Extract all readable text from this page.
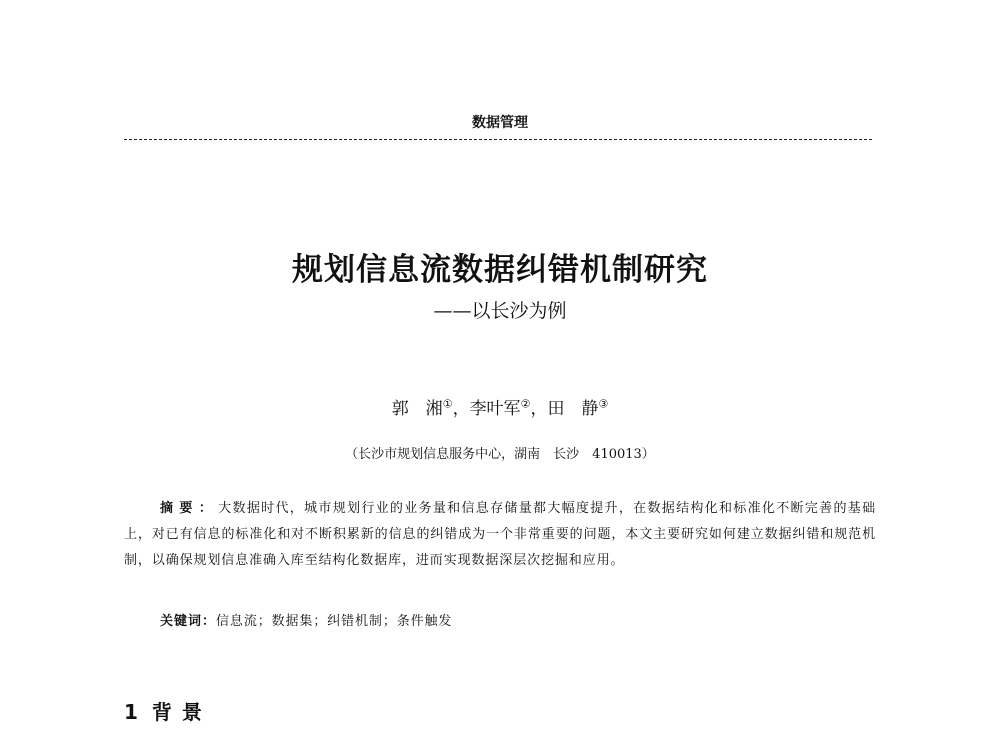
数据管理
规划信息流数据纠错机制研究
——以长沙为例
郭　湘①，李叶军②，田　静③
（长沙市规划信息服务中心，湖南　长沙　410013）
摘要：大数据时代，城市规划行业的业务量和信息存储量都大幅度提升，在数据结构化和标准化不断完善的基础上，对已有信息的标准化和对不断积累新的信息的纠错成为一个非常重要的问题，本文主要研究如何建立数据纠错和规范机制，以确保规划信息准确入库至结构化数据库，进而实现数据深层次挖掘和应用。
关键词：信息流；数据集；纠错机制；条件触发
1 背景
